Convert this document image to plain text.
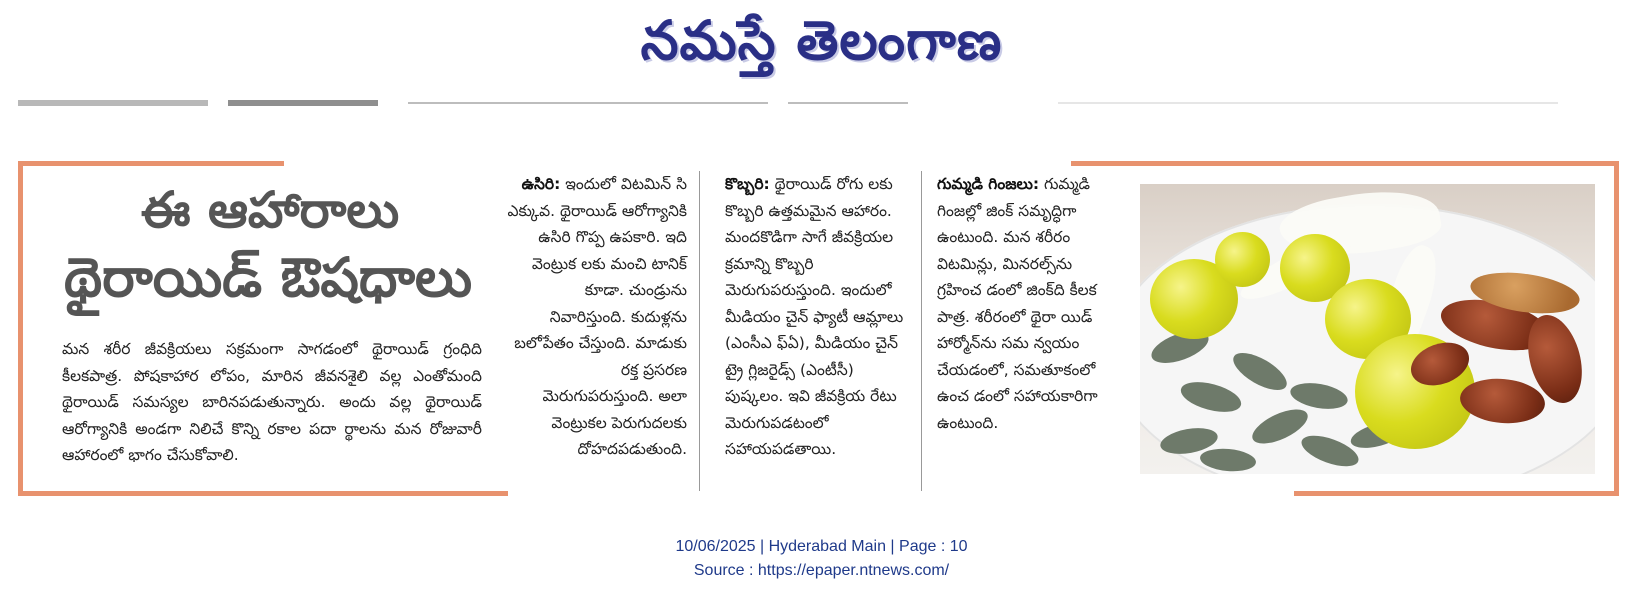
నమస్తే తెలంగాణ
ఈ ఆహారాలు
థైరాయిడ్ ఔషధాలు
మన శరీర జీవక్రియలు సక్రమంగా సాగడంలో థైరాయిడ్ గ్రంధిది కీలకపాత్ర. పోషకాహార లోపం, మారిన జీవనశైలి వల్ల ఎంతోమంది థైరాయిడ్ సమస్యల బారినపడుతున్నారు. అందు వల్ల థైరాయిడ్ ఆరోగ్యానికి అండగా నిలిచే కొన్ని రకాల పదా ర్థాలను మన రోజువారీ ఆహారంలో భాగం చేసుకోవాలి.
ఉసిరి: ఇందులో విటమిన్ సి ఎక్కువ. థైరాయిడ్ ఆరోగ్యానికి ఉసిరి గొప్ప ఉపకారి. ఇది వెంట్రుక లకు మంచి టానిక్ కూడా. చుండ్రును నివారిస్తుంది. కుదుళ్లను బలోపేతం చేస్తుంది. మాడుకు రక్త ప్రసరణ మెరుగుపరుస్తుంది. అలా వెంట్రుకల పెరుగుదలకు దోహదపడుతుంది.
కొబ్బరి: థైరాయిడ్ రోగు లకు కొబ్బరి ఉత్తమమైన ఆహారం. మందకొడిగా సాగే జీవక్రియల క్రమాన్ని కొబ్బరి మెరుగుపరుస్తుంది. ఇందులో మీడియం చైన్ ఫ్యాటీ ఆమ్లాలు (ఎంసీఎ ఫ్‌ఏ), మీడియం చైన్ ట్రై గ్లిజరైడ్స్ (ఎంటీసీ) పుష్కలం. ఇవి జీవక్రియ రేటు మెరుగుపడటంలో సహాయపడతాయి.
గుమ్మడి గింజలు: గుమ్మడి గింజల్లో జింక్ సమృద్ధిగా ఉంటుంది. మన శరీరం విటమిన్లు, మినరల్స్‌ను గ్రహించ డంలో జింక్‌ది కీలక పాత్ర. శరీరంలో థైరా యిడ్ హార్మోన్‌ను సమ న్వయం చేయడంలో, సమతూకంలో ఉంచ డంలో సహాయకారిగా ఉంటుంది.
10/06/2025 | Hyderabad Main | Page : 10
Source : https://epaper.ntnews.com/
